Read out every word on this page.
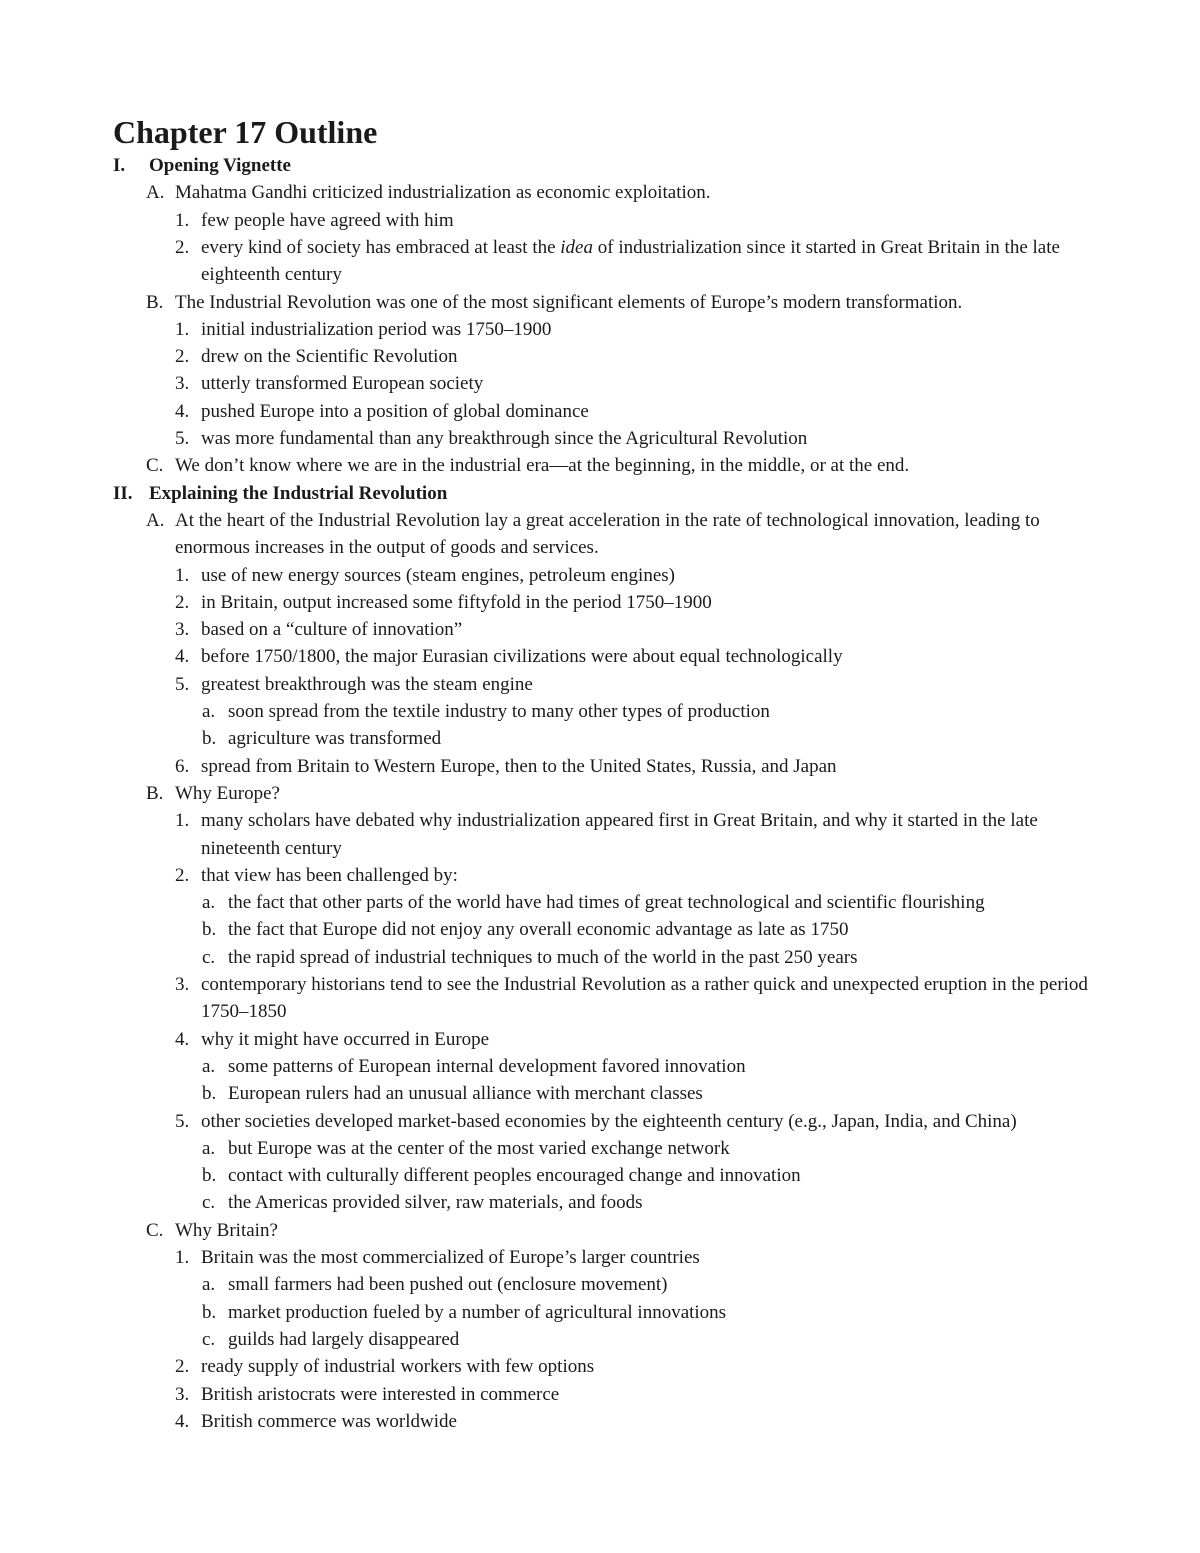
Chapter 17 Outline
I. Opening Vignette
A. Mahatma Gandhi criticized industrialization as economic exploitation.
1. few people have agreed with him
2. every kind of society has embraced at least the idea of industrialization since it started in Great Britain in the late
eighteenth century
B. The Industrial Revolution was one of the most significant elements of Europe’s modern transformation.
1. initial industrialization period was 1750–1900
2. drew on the Scientific Revolution
3. utterly transformed European society
4. pushed Europe into a position of global dominance
5. was more fundamental than any breakthrough since the Agricultural Revolution
C. We don’t know where we are in the industrial era—at the beginning, in the middle, or at the end.
II. Explaining the Industrial Revolution
A. At the heart of the Industrial Revolution lay a great acceleration in the rate of technological innovation, leading to
enormous increases in the output of goods and services.
1. use of new energy sources (steam engines, petroleum engines)
2. in Britain, output increased some fiftyfold in the period 1750–1900
3. based on a “culture of innovation”
4. before 1750/1800, the major Eurasian civilizations were about equal technologically
5. greatest breakthrough was the steam engine
a. soon spread from the textile industry to many other types of production
b. agriculture was transformed
6. spread from Britain to Western Europe, then to the United States, Russia, and Japan
B. Why Europe?
1. many scholars have debated why industrialization appeared first in Great Britain, and why it started in the late
nineteenth century
2. that view has been challenged by:
a. the fact that other parts of the world have had times of great technological and scientific flourishing
b. the fact that Europe did not enjoy any overall economic advantage as late as 1750
c. the rapid spread of industrial techniques to much of the world in the past 250 years
3. contemporary historians tend to see the Industrial Revolution as a rather quick and unexpected eruption in the period
1750–1850
4. why it might have occurred in Europe
a. some patterns of European internal development favored innovation
b. European rulers had an unusual alliance with merchant classes
5. other societies developed market-based economies by the eighteenth century (e.g., Japan, India, and China)
a. but Europe was at the center of the most varied exchange network
b. contact with culturally different peoples encouraged change and innovation
c. the Americas provided silver, raw materials, and foods
C. Why Britain?
1. Britain was the most commercialized of Europe’s larger countries
a. small farmers had been pushed out (enclosure movement)
b. market production fueled by a number of agricultural innovations
c. guilds had largely disappeared
2. ready supply of industrial workers with few options
3. British aristocrats were interested in commerce
4. British commerce was worldwide
